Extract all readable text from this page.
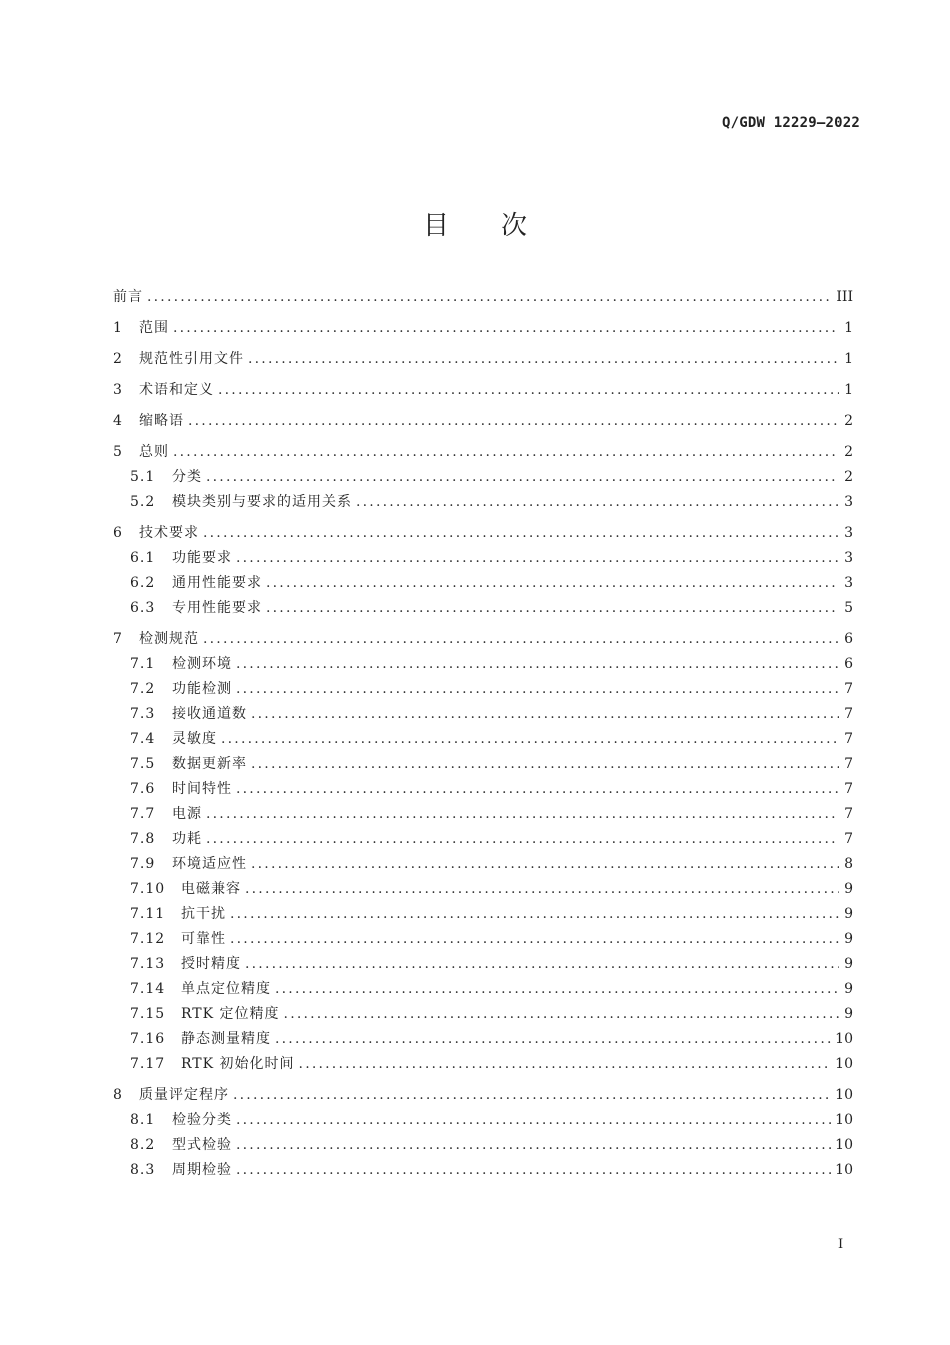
Q/GDW 12229—2022
目次
前言 .....	III
1	范围 .....	1
2	规范性引用文件 .....	1
3	术语和定义 .....	1
4	缩略语 .....	2
5	总则 .....	2
5.1	分类 .....	2
5.2	模块类别与要求的适用关系 .....	3
6	技术要求 .....	3
6.1	功能要求 .....	3
6.2	通用性能要求 .....	3
6.3	专用性能要求 .....	5
7	检测规范 .....	6
7.1	检测环境 .....	6
7.2	功能检测 .....	7
7.3	接收通道数 .....	7
7.4	灵敏度 .....	7
7.5	数据更新率 .....	7
7.6	时间特性 .....	7
7.7	电源 .....	7
7.8	功耗 .....	7
7.9	环境适应性 .....	8
7.10	电磁兼容 .....	9
7.11	抗干扰 .....	9
7.12	可靠性 .....	9
7.13	授时精度 .....	9
7.14	单点定位精度 .....	9
7.15	RTK 定位精度 .....	9
7.16	静态测量精度 .....	10
7.17	RTK 初始化时间 .....	10
8	质量评定程序 .....	10
8.1	检验分类 .....	10
8.2	型式检验 .....	10
8.3	周期检验 .....	10
I
